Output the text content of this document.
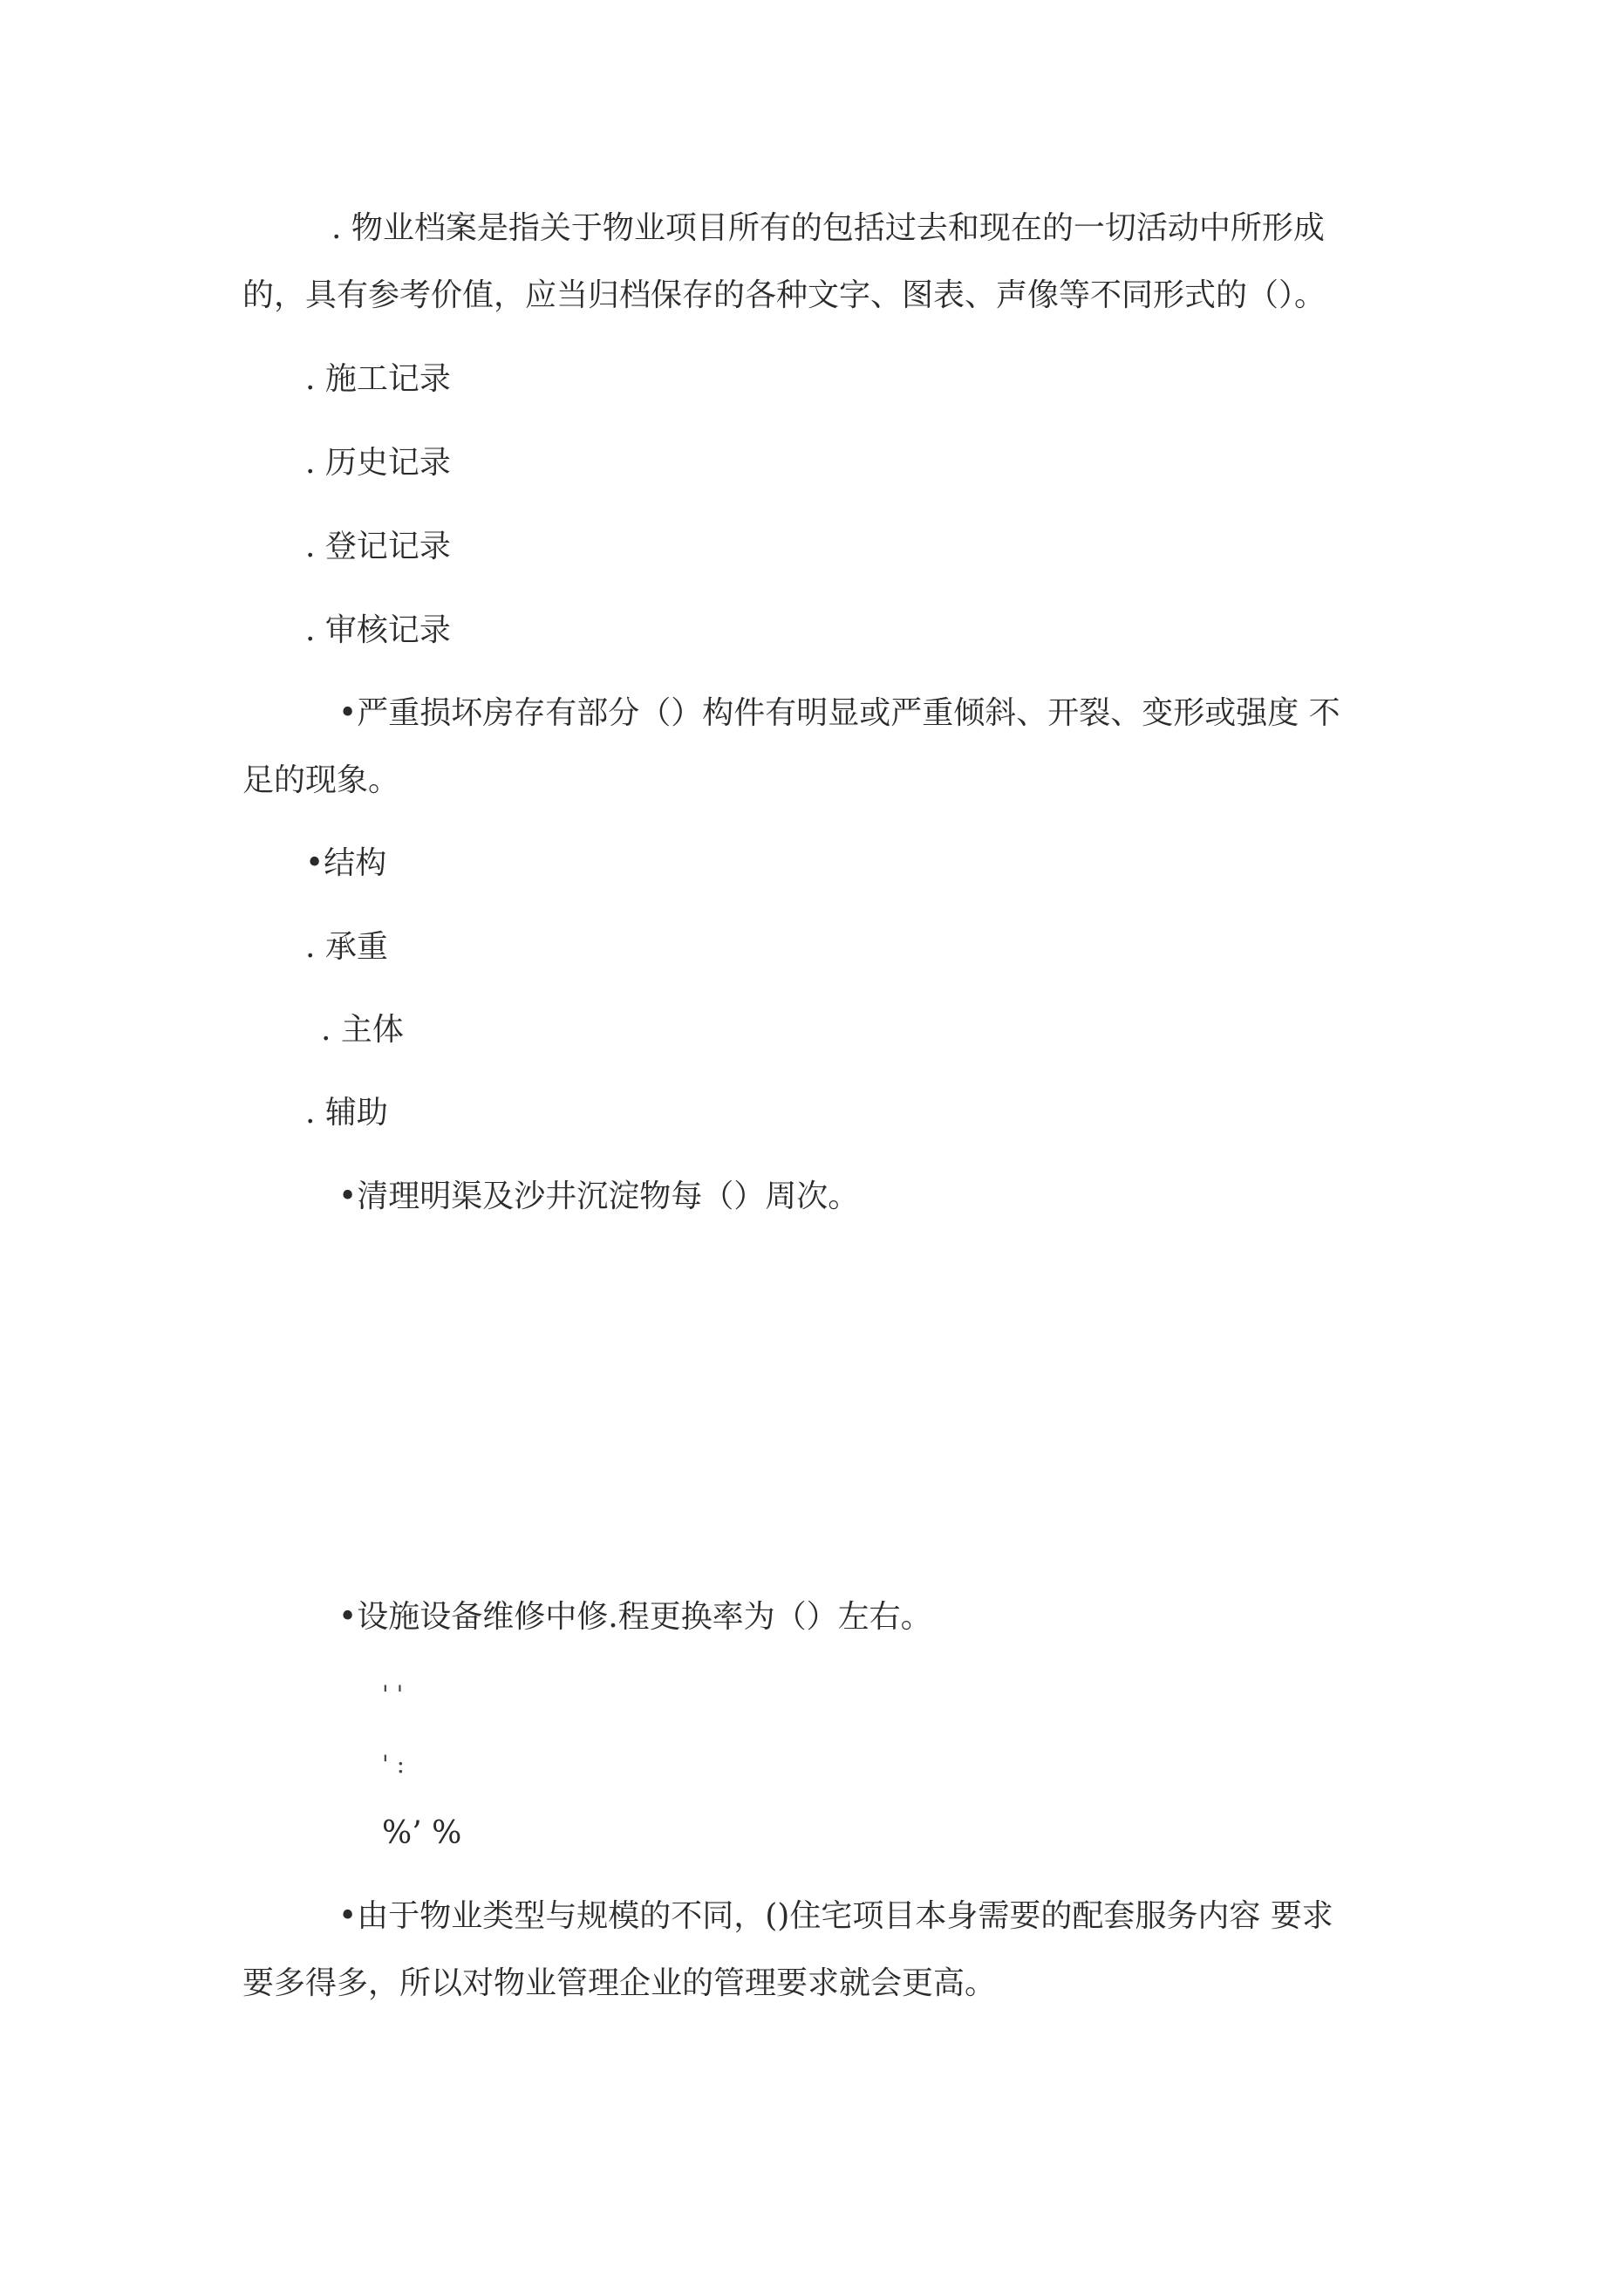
. 物业档案是指关于物业项目所有的包括过去和现在的一切活动中所形成
的，具有参考价值，应当归档保存的各种文字、图表、声像等不同形式的（）。
. 施工记录
. 历史记录
. 登记记录
. 审核记录
•严重损坏房存有部分（）构件有明显或严重倾斜、开裂、变形或强度 不
足的现象。
•结构
. 承重
. 主体
. 辅助
•清理明渠及沙井沉淀物每（）周次。
•设施设备维修中修.程更换率为（）左右。
' '
' :
%’ %
•由于物业类型与规模的不同，()住宅项目本身需要的配套服务内容 要求
要多得多，所以对物业管理企业的管理要求就会更高。
